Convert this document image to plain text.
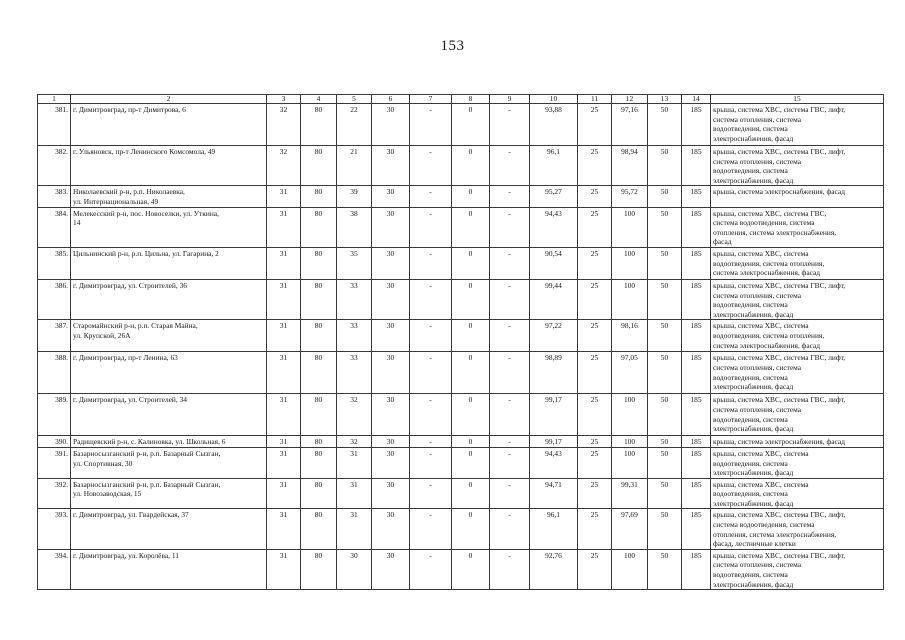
153
1	2	3	4	5	6	7	8	9	10	11	12	13	14	15
381.	г. Димитровград, пр-т Димитрова, 6	32	80	22	30	-	0	-	93,88	25	97,16	50	185	крыша, система ХВС, система ГВС, лифт,
система отопления, система
водоотведения, система
электроснабжения, фасад

382.	г. Ульяновск, пр-т Ленинского Комсомола, 49	32	80	21	30	-	0	-	96,1	25	98,94	50	185	крыша, система ХВС, система ГВС, лифт,
система отопления, система
водоотведения, система
электроснабжения, фасад

383.	Николаевский р-н, р.п. Николаевка,
ул. Интернациональная, 49	31	80	39	30	-	0	-	95,27	25	95,72	50	185	крыша, система электроснабжения, фасад

384.	Мелекесский р-н, пос. Новоселки, ул. Уткина,
14	31	80	38	30	-	0	-	94,43	25	100	50	185	крыша, система ХВС, система ГВС,
система водоотведения, система
отопления, система электроснабжения,
фасад

385.	Цильнинский р-н, р.п. Цильна, ул. Гагарина, 2	31	80	35	30	-	0	-	90,54	25	100	50	185	крыша, система ХВС, система
водоотведения, система отопления,
система электроснабжения, фасад

386.	г. Димитровград, ул. Строителей, 36	31	80	33	30	-	0	-	99,44	25	100	50	185	крыша, система ХВС, система ГВС, лифт,
система отопления, система
водоотведения, система
электроснабжения, фасад

387.	Старомайнский р-н, р.п. Старая Майна,
ул. Крупской, 26А	31	80	33	30	-	0	-	97,22	25	98,16	50	185	крыша, система ХВС, система
водоотведения, система отопления,
система электроснабжения, фасад

388.	г. Димитровград, пр-т Ленина, 63	31	80	33	30	-	0	-	98,89	25	97,05	50	185	крыша, система ХВС, система ГВС, лифт,
система отопления, система
водоотведения, система
электроснабжения, фасад

389.	г. Димитровград, ул. Строителей, 34	31	80	32	30	-	0	-	99,17	25	100	50	185	крыша, система ХВС, система ГВС, лифт,
система отопления, система
водоотведения, система
электроснабжения, фасад

390.	Радищевский р-н, с. Калиновка, ул. Школьная, 6	31	80	32	30	-	0	-	99,17	25	100	50	185	крыша, система электроснабжения, фасад

391.	Базарносызганский р-н, р.п. Базарный Сызган,
ул. Спортивная, 30	31	80	31	30	-	0	-	94,43	25	100	50	185	крыша, система ХВС, система
водоотведения, система
электроснабжения, фасад

392.	Базарносызганский р-н, р.п. Базарный Сызган,
ул. Новозаводская, 15	31	80	31	30	-	0	-	94,71	25	99,31	50	185	крыша, система ХВС, система
водоотведения, система
электроснабжения, фасад

393.	г. Димитровград, ул. Гвардейская, 37	31	80	31	30	-	0	-	96,1	25	97,69	50	185	крыша, система ХВС, система ГВС, лифт,
система водоотведения, система
отопления, система электроснабжения,
фасад, лестничные клетки

394.	г. Димитровград, ул. Королёва, 11	31	80	30	30	-	0	-	92,76	25	100	50	185	крыша, система ХВС, система ГВС, лифт,
система отопления, система
водоотведения, система
электроснабжения, фасад
